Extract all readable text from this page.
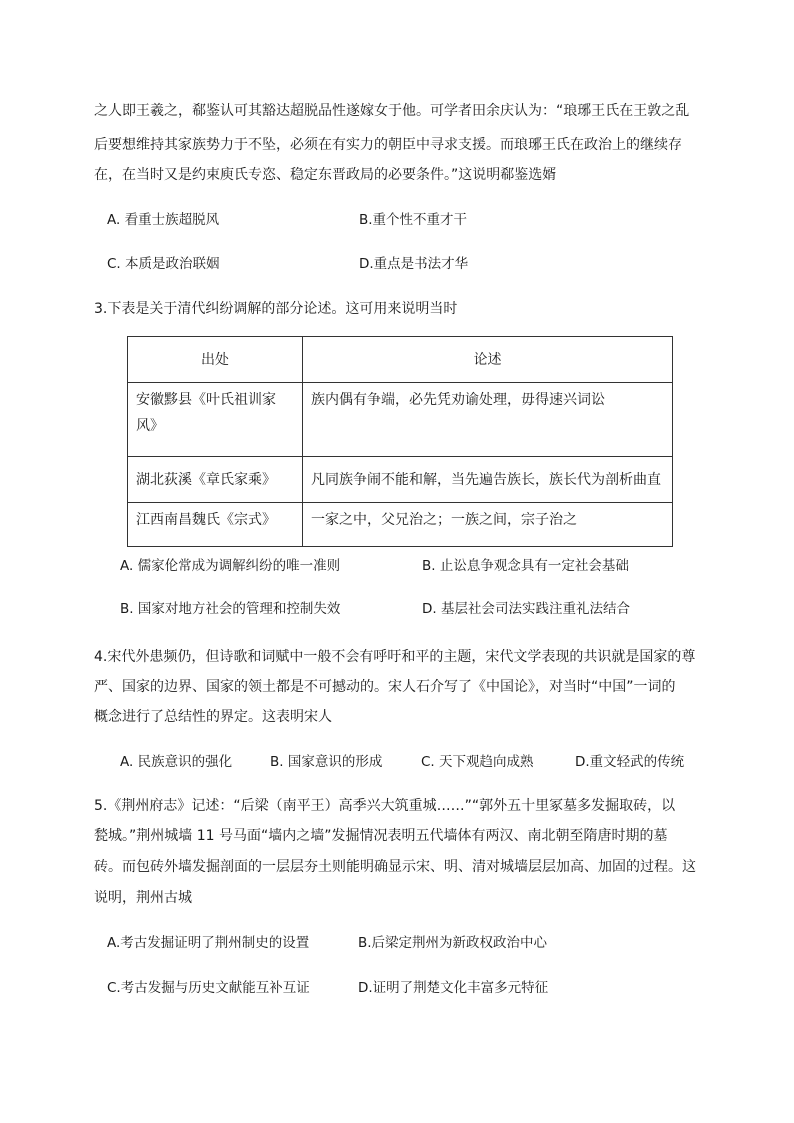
之人即王羲之，郗鉴认可其豁达超脱品性遂嫁女于他。可学者田余庆认为：“琅琊王氏在王敦之乱
后要想维持其家族势力于不坠，必须在有实力的朝臣中寻求支援。而琅琊王氏在政治上的继续存
在，在当时又是约束庾氏专恣、稳定东晋政局的必要条件。”这说明郗鉴选婿
A. 看重士族超脱风	B.重个性不重才干
C. 本质是政治联姻	D.重点是书法才华
3.下表是关于清代纠纷调解的部分论述。这可用来说明当时
出处	论述

安徽黟县《叶氏祖训家
风》	族内偶有争端，必先凭劝谕处理，毋得速兴词讼
湖北荻溪《章氏家乘》	凡同族争闹不能和解，当先遍告族长，族长代为剖析曲直
江西南昌魏氏《宗式》	一家之中，父兄治之；一族之间，宗子治之
A. 儒家伦常成为调解纠纷的唯一准则	B. 止讼息争观念具有一定社会基础
B. 国家对地方社会的管理和控制失效	D. 基层社会司法实践注重礼法结合
4.宋代外患频仍，但诗歌和词赋中一般不会有呼吁和平的主题，宋代文学表现的共识就是国家的尊
严、国家的边界、国家的领土都是不可撼动的。宋人石介写了《中国论》，对当时“中国”一词的
概念进行了总结性的界定。这表明宋人
A. 民族意识的强化	B. 国家意识的形成	C. 天下观趋向成熟	D.重文轻武的传统
5.《荆州府志》记述：“后梁（南平王）高季兴大筑重城……”“郭外五十里冢墓多发掘取砖，以
甃城。”荆州城墙 11 号马面“墙内之墙”发掘情况表明五代墙体有两汉、南北朝至隋唐时期的墓
砖。而包砖外墙发掘剖面的一层层夯土则能明确显示宋、明、清对城墙层层加高、加固的过程。这
说明，荆州古城
A.考古发掘证明了荆州制史的设置	B.后梁定荆州为新政权政治中心
C.考古发掘与历史文献能互补互证	D.证明了荆楚文化丰富多元特征
